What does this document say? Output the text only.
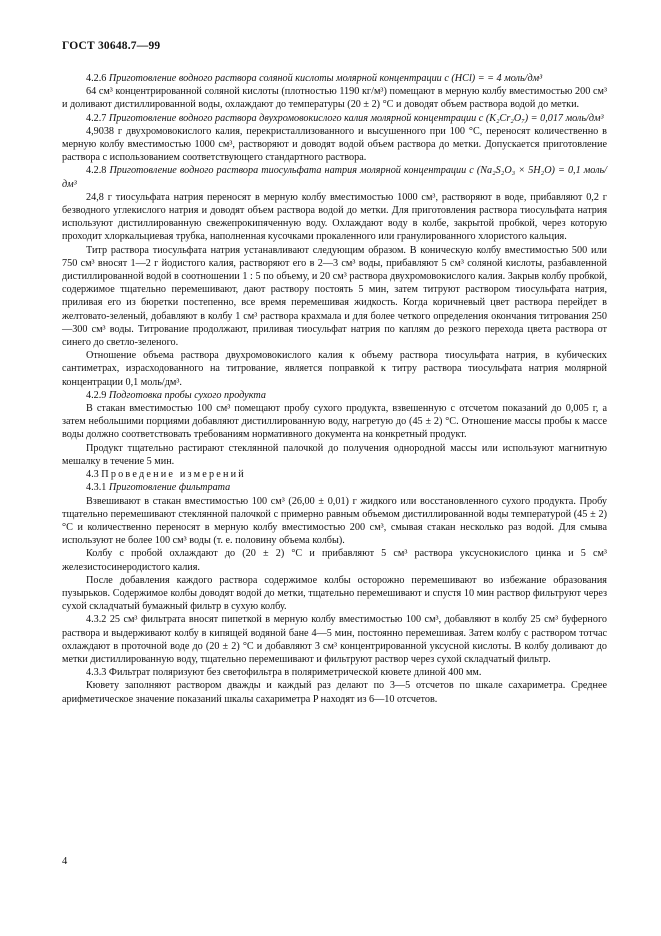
ГОСТ 30648.7—99

4.2.6 Приготовление водного раствора соляной кислоты молярной концентрации с (HCl) = = 4 моль/дм³

64 см³ концентрированной соляной кислоты (плотностью 1190 кг/м³) помещают в мерную колбу вместимостью 200 см³ и доливают дистиллированной воды, охлаждают до температуры (20 ± 2) °С и доводят объем раствора водой до метки.

4.2.7 Приготовление водного раствора двухромовокислого калия молярной концентрации с (K₂Cr₂O₇) = 0,017 моль/дм³

4,9038 г двухромовокислого калия, перекристаллизованного и высушенного при 100 °С, переносят количественно в мерную колбу вместимостью 1000 см³, растворяют и доводят водой объем раствора до метки. Допускается приготовление раствора с использованием соответствующего стандартного раствора.

4.2.8 Приготовление водного раствора тиосульфата натрия молярной концентрации с (Na₂S₂O₃ × 5H₂O) = 0,1 моль/дм³

24,8 г тиосульфата натрия переносят в мерную колбу вместимостью 1000 см³, растворяют в воде, прибавляют 0,2 г безводного углекислого натрия и доводят объем раствора водой до метки. Для приготовления раствора тиосульфата натрия используют дистиллированную свежепрокипяченную воду. Охлаждают воду в колбе, закрытой пробкой, через которую проходит хлоркальциевая трубка, наполненная кусочками прокаленного или гранулированного хлористого кальция.

Титр раствора тиосульфата натрия устанавливают следующим образом. В коническую колбу вместимостью 500 или 750 см³ вносят 1—2 г йодистого калия, растворяют его в 2—3 см³ воды, прибавляют 5 см³ соляной кислоты, разбавленной дистиллированной водой в соотношении 1 : 5 по объему, и 20 см³ раствора двухромовокислого калия. Закрыв колбу пробкой, содержимое тщательно перемешивают, дают раствору постоять 5 мин, затем титруют раствором тиосульфата натрия, приливая его из бюретки постепенно, все время перемешивая жидкость. Когда коричневый цвет раствора перейдет в желтовато-зеленый, добавляют в колбу 1 см³ раствора крахмала и для более четкого определения окончания титрования 250—300 см³ воды. Титрование продолжают, приливая тиосульфат натрия по каплям до резкого перехода цвета раствора от синего до светло-зеленого.

Отношение объема раствора двухромовокислого калия к объему раствора тиосульфата натрия, в кубических сантиметрах, израсходованного на титрование, является поправкой к титру раствора тиосульфата натрия молярной концентрации 0,1 моль/дм³.

4.2.9 Подготовка пробы сухого продукта

В стакан вместимостью 100 см³ помещают пробу сухого продукта, взвешенную с отсчетом показаний до 0,005 г, а затем небольшими порциями добавляют дистиллированную воду, нагретую до (45 ± 2) °С. Отношение массы пробы к массе воды должно соответствовать требованиям нормативного документа на конкретный продукт.

Продукт тщательно растирают стеклянной палочкой до получения однородной массы или используют магнитную мешалку в течение 5 мин.

4.3 Проведение измерений

4.3.1 Приготовление фильтрата

Взвешивают в стакан вместимостью 100 см³ (26,00 ± 0,01) г жидкого или восстановленного сухого продукта. Пробу тщательно перемешивают стеклянной палочкой с примерно равным объемом дистиллированной воды температурой (45 ± 2) °С и количественно переносят в мерную колбу вместимостью 200 см³, смывая стакан несколько раз водой. Для смыва используют не более 100 см³ воды (т. е. половину объема колбы).

Колбу с пробой охлаждают до (20 ± 2) °С и прибавляют 5 см³ раствора уксуснокислого цинка и 5 см³ железистосинеродистого калия.

После добавления каждого раствора содержимое колбы осторожно перемешивают во избежание образования пузырьков. Содержимое колбы доводят водой до метки, тщательно перемешивают и спустя 10 мин раствор фильтруют через сухой складчатый бумажный фильтр в сухую колбу.

4.3.2 25 см³ фильтрата вносят пипеткой в мерную колбу вместимостью 100 см³, добавляют в колбу 25 см³ буферного раствора и выдерживают колбу в кипящей водяной бане 4—5 мин, постоянно перемешивая. Затем колбу с раствором тотчас охлаждают в проточной воде до (20 ± 2) °С и добавляют 3 см³ концентрированной уксусной кислоты. В колбу доливают до метки дистиллированную воду, тщательно перемешивают и фильтруют раствор через сухой складчатый фильтр.

4.3.3 Фильтрат поляризуют без светофильтра в поляриметрической кювете длиной 400 мм.

Кювету заполняют раствором дважды и каждый раз делают по 3—5 отсчетов по шкале сахариметра. Среднее арифметическое значение показаний шкалы сахариметра P находят из 6—10 отсчетов.

4
